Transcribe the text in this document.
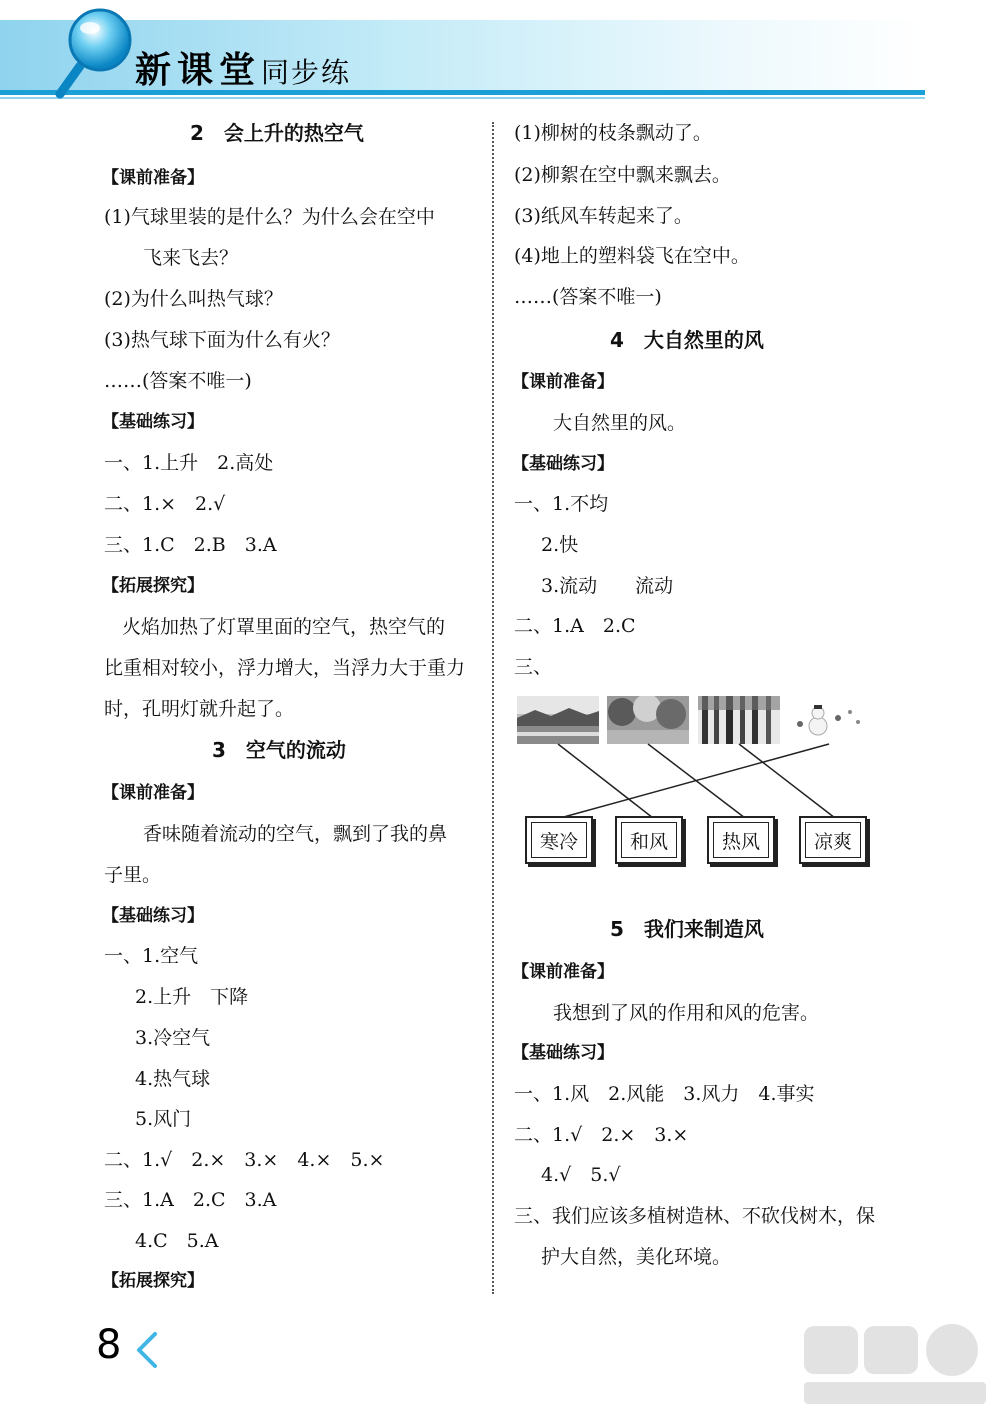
新课堂同步练
2　会上升的热空气
【课前准备】
(1)气球里装的是什么？为什么会在空中
飞来飞去？
(2)为什么叫热气球？
(3)热气球下面为什么有火？
……(答案不唯一)
【基础练习】
一、1.上升　2.高处
二、1.×　2.√
三、1.C　2.B　3.A
【拓展探究】
火焰加热了灯罩里面的空气，热空气的
比重相对较小，浮力增大，当浮力大于重力
时，孔明灯就升起了。
3　空气的流动
【课前准备】
香味随着流动的空气，飘到了我的鼻
子里。
【基础练习】
一、1.空气
2.上升　下降
3.冷空气
4.热气球
5.风门
二、1.√　2.×　3.×　4.×　5.×
三、1.A　2.C　3.A
4.C　5.A
【拓展探究】
(1)柳树的枝条飘动了。
(2)柳絮在空中飘来飘去。
(3)纸风车转起来了。
(4)地上的塑料袋飞在空中。
……(答案不唯一)
4　大自然里的风
【课前准备】
大自然里的风。
【基础练习】
一、1.不均
2.快
3.流动　　流动
二、1.A　2.C
三、
寒冷	和风	热风	凉爽
5　我们来制造风
【课前准备】
我想到了风的作用和风的危害。
【基础练习】
一、1.风　2.风能　3.风力　4.事实
二、1.√　2.×　3.×
4.√　5.√
三、我们应该多植树造林、不砍伐树木，保
护大自然，美化环境。
8
